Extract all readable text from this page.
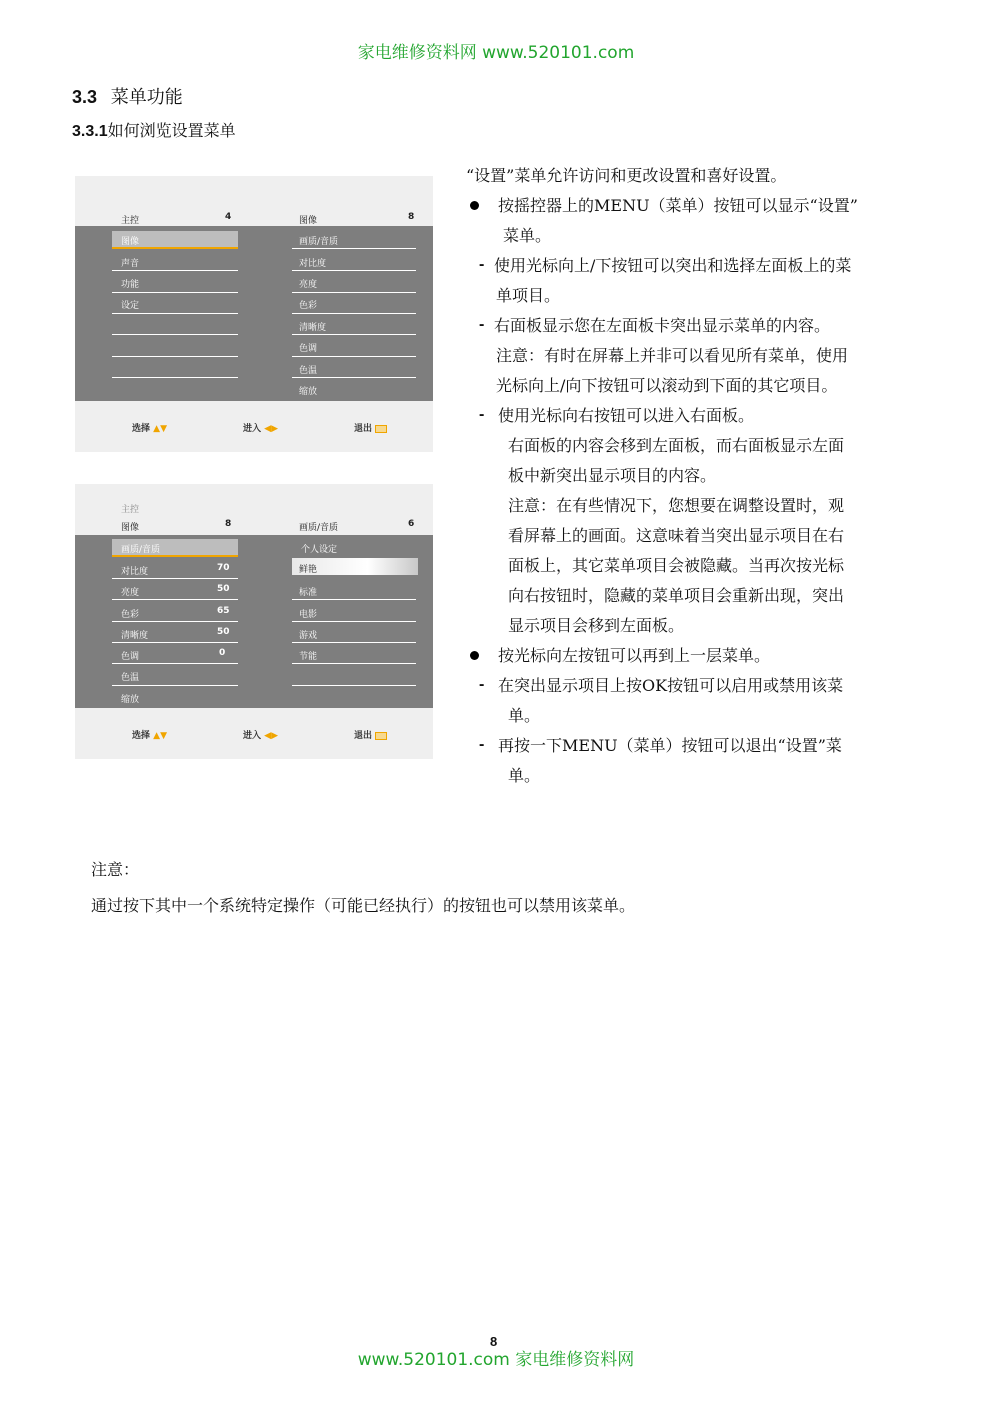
家电维修资料网 www.520101.com
3.3 菜单功能
3.3.1如何浏览设置菜单
主控	4	图像	8
图像
声音
功能
设定
画质/音质
对比度
亮度
色彩
清晰度
色调
色温
缩放
选择 ▲▼	进入 ◀▶	退出
主控
图像	8	画质/音质	6
画质/音质
对比度	70
亮度	50
色彩	65
清晰度	50
色调	0
色温
缩放
个人设定
鲜艳
标准
电影
游戏
节能
选择 ▲▼	进入 ◀▶	退出
“设置”菜单允许访问和更改设置和喜好设置。
按摇控器上的MENU（菜单）按钮可以显示“设置”
菜单。
- 使用光标向上/下按钮可以突出和选择左面板上的菜
单项目。
- 右面板显示您在左面板卡突出显示菜单的内容。
注意：有时在屏幕上并非可以看见所有菜单，使用
光标向上/向下按钮可以滚动到下面的其它项目。
- 使用光标向右按钮可以进入右面板。
右面板的内容会移到左面板，而右面板显示左面
板中新突出显示项目的内容。
注意：在有些情况下，您想要在调整设置时，观
看屏幕上的画面。这意味着当突出显示项目在右
面板上，其它菜单项目会被隐藏。当再次按光标
向右按钮时，隐藏的菜单项目会重新出现，突出
显示项目会移到左面板。
按光标向左按钮可以再到上一层菜单。
- 在突出显示项目上按OK按钮可以启用或禁用该菜
单。
- 再按一下MENU（菜单）按钮可以退出“设置”菜
单。
注意：
通过按下其中一个系统特定操作（可能已经执行）的按钮也可以禁用该菜单。
8
www.520101.com 家电维修资料网
